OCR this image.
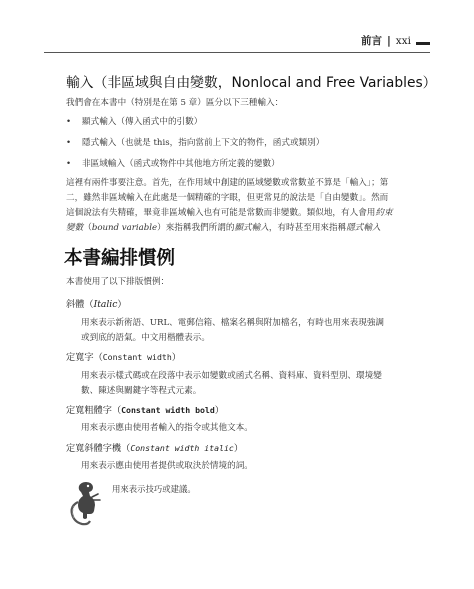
前言 | xxi
輸入（非區域與自由變數，Nonlocal and Free Variables）
我們會在本書中（特別是在第 5 章）區分以下三種輸入：
• 顯式輸入（傳入函式中的引數）
• 隱式輸入（也就是 this，指向當前上下文的物件，函式或類別）
• 非區域輸入（函式或物件中其他地方所定義的變數）
這裡有兩件事要注意。首先，在作用域中創建的區域變數或常數並不算是「輸入」；第
二，雖然非區域輸入在此處是一個精確的字眼，但更常見的說法是「自由變數」。然而
這個說法有失精確，畢竟非區域輸入也有可能是常數而非變數。類似地，有人會用約束
變數（bound variable）來指稱我們所謂的顯式輸入，有時甚至用來指稱隱式輸入
本書編排慣例
本書使用了以下排版慣例：
斜體（Italic）
用來表示新術語、URL、電郵信箱、檔案名稱與附加檔名，有時也用來表現強調
或到底的語氣。中文用楷體表示。
定寬字（Constant width）
用來表示樣式碼或在段落中表示如變數或函式名稱、資料庫、資料型別、環境變
數、陳述與關鍵字等程式元素。
定寬粗體字（Constant width bold）
用來表示應由使用者輸入的指令或其他文本。
定寬斜體字機（Constant width italic）
用來表示應由使用者提供或取決於情境的詞。
用來表示技巧或建議。
